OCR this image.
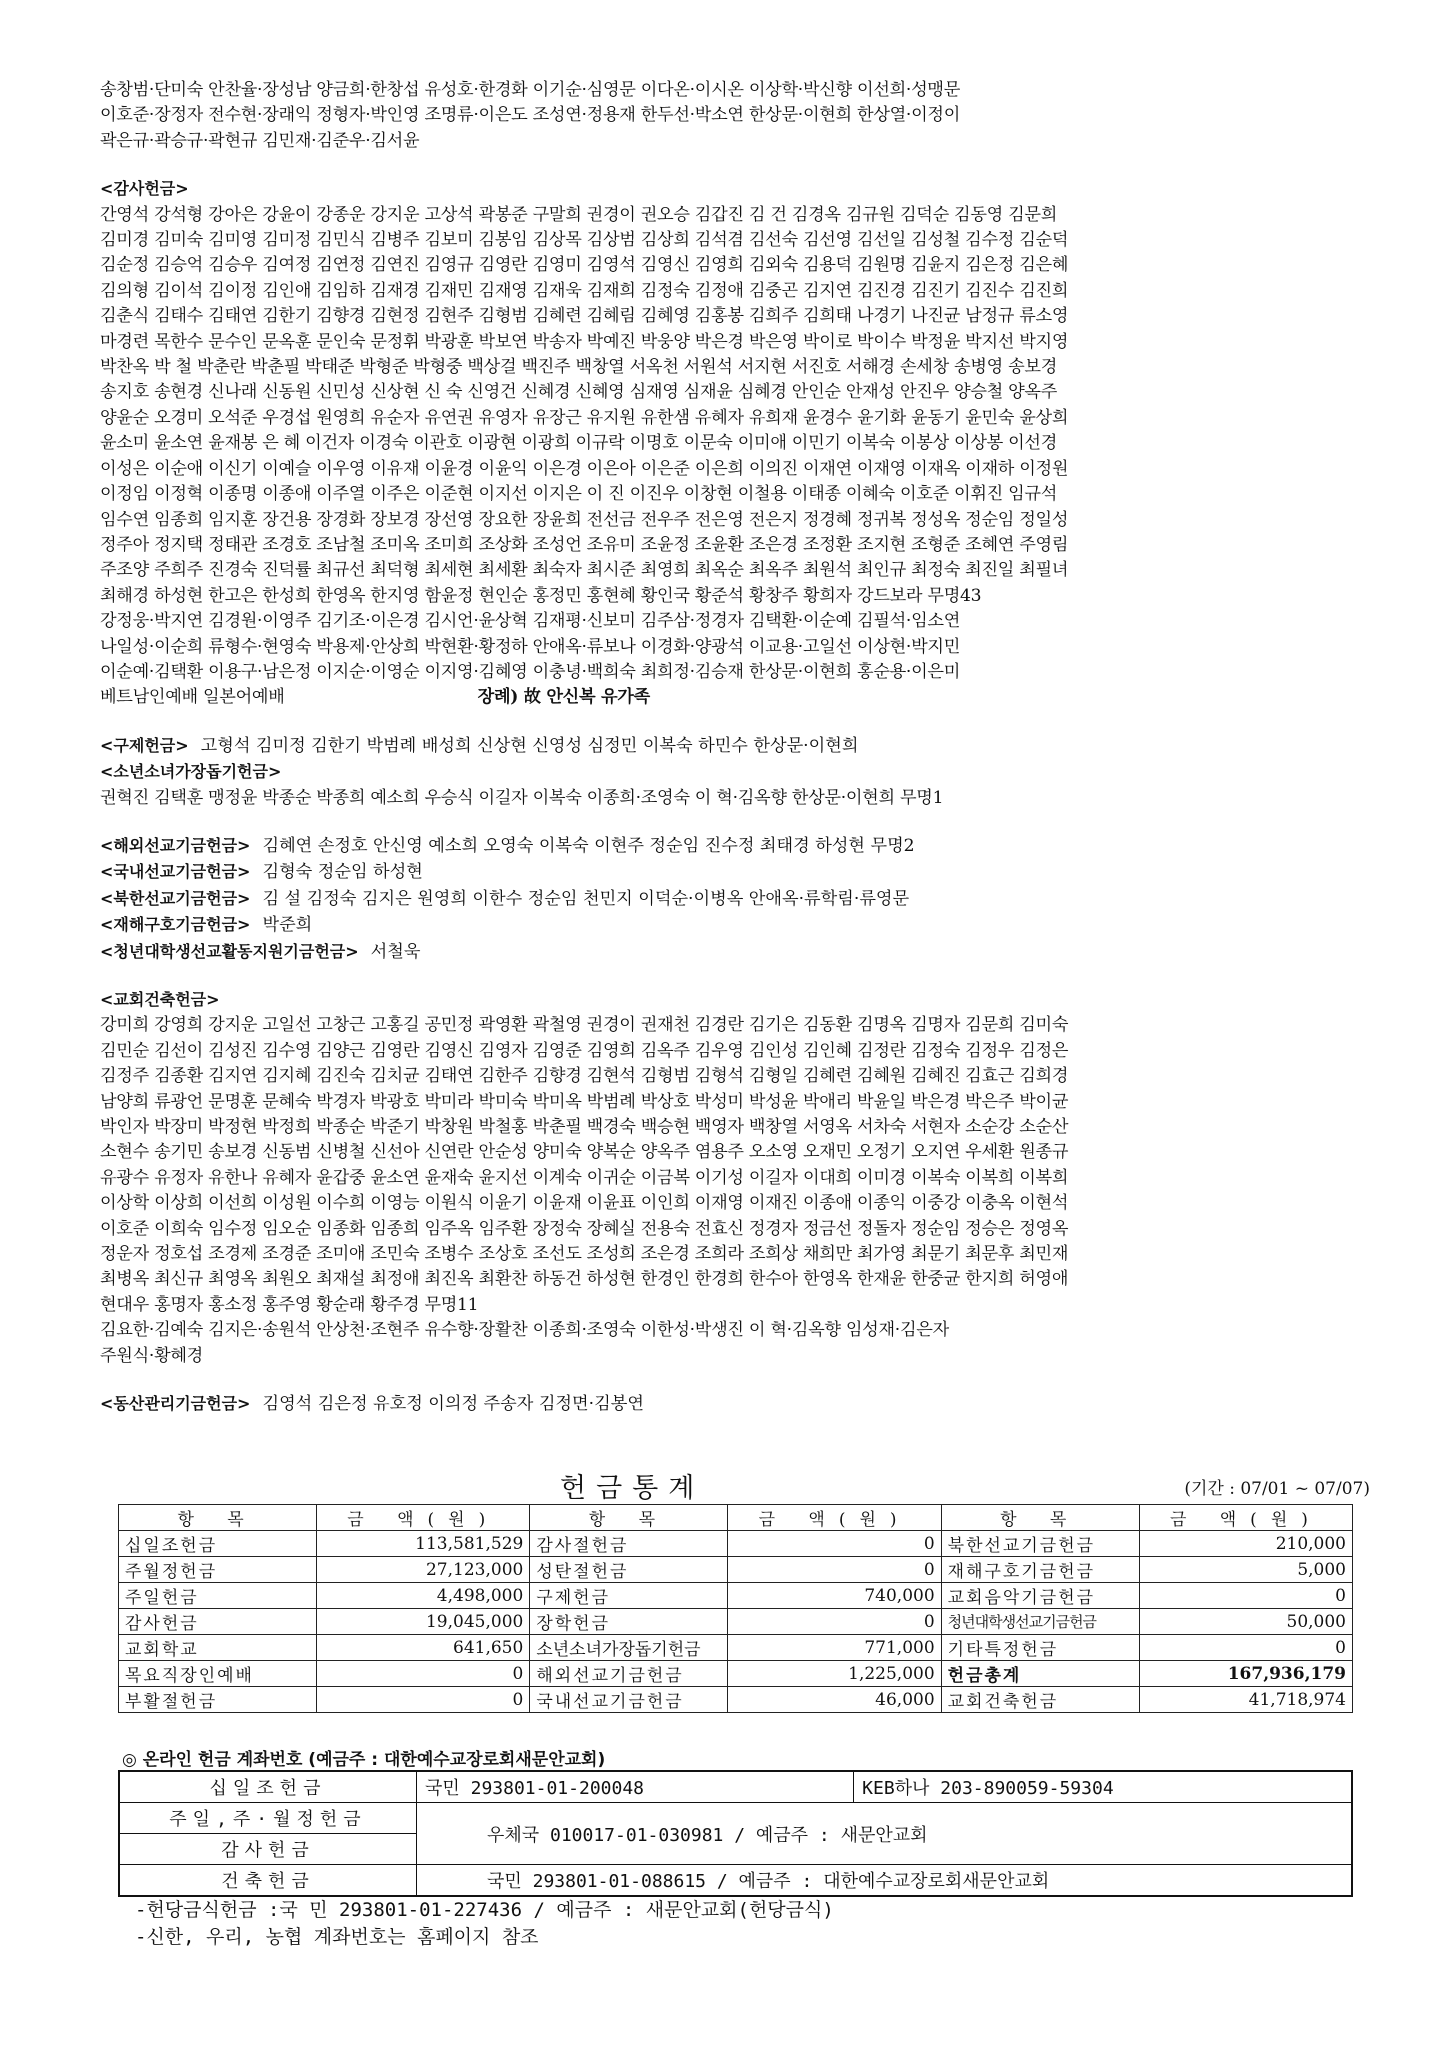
송창범·단미숙 안찬율·장성남 양금희·한창섭 유성호·한경화 이기순·심영문 이다온·이시온 이상학·박신향 이선희·성맹문
이호준·장정자 전수현·장래익 정형자·박인영 조명류·이은도 조성연·정용재 한두선·박소연 한상문·이현희 한상열·이정이
곽은규·곽승규·곽현규 김민재·김준우·김서윤
<감사헌금>
간영석 강석형 강아은 강윤이 강종운 강지운 고상석 곽봉준 구말희 권경이 권오승 김갑진 김 건 김경옥 김규원 김덕순 김동영 김문희
김미경 김미숙 김미영 김미정 김민식 김병주 김보미 김봉임 김상목 김상범 김상희 김석겸 김선숙 김선영 김선일 김성철 김수정 김순덕
김순정 김승억 김승우 김여정 김연정 김연진 김영규 김영란 김영미 김영석 김영신 김영희 김외숙 김용덕 김원명 김윤지 김은정 김은혜
김의형 김이석 김이정 김인애 김임하 김재경 김재민 김재영 김재욱 김재희 김정숙 김정애 김중곤 김지연 김진경 김진기 김진수 김진희
김춘식 김태수 김태연 김한기 김향경 김현정 김현주 김형범 김혜련 김혜림 김혜영 김홍봉 김희주 김희태 나경기 나진균 남정규 류소영
마경련 목한수 문수인 문옥훈 문인숙 문정휘 박광훈 박보연 박송자 박예진 박웅양 박은경 박은영 박이로 박이수 박정윤 박지선 박지영
박찬옥 박 철 박춘란 박춘필 박태준 박형준 박형중 백상걸 백진주 백창열 서옥천 서원석 서지현 서진호 서해경 손세창 송병영 송보경
송지호 송현경 신나래 신동원 신민성 신상현 신 숙 신영건 신혜경 신혜영 심재영 심재윤 심혜경 안인순 안재성 안진우 양승철 양옥주
양윤순 오경미 오석준 우경섭 원영희 유순자 유연권 유영자 유장근 유지원 유한샘 유혜자 유희재 윤경수 윤기화 윤동기 윤민숙 윤상희
윤소미 윤소연 윤재봉 은 혜 이건자 이경숙 이관호 이광현 이광희 이규락 이명호 이문숙 이미애 이민기 이복숙 이봉상 이상봉 이선경
이성은 이순애 이신기 이예슬 이우영 이유재 이윤경 이윤익 이은경 이은아 이은준 이은희 이의진 이재연 이재영 이재옥 이재하 이정원
이정임 이정혁 이종명 이종애 이주열 이주은 이준현 이지선 이지은 이 진 이진우 이창현 이철용 이태종 이혜숙 이호준 이휘진 임규석
임수연 임종희 임지훈 장건용 장경화 장보경 장선영 장요한 장윤희 전선금 전우주 전은영 전은지 정경혜 정귀복 정성옥 정순임 정일성
정주아 정지택 정태관 조경호 조남철 조미옥 조미희 조상화 조성언 조유미 조윤정 조윤환 조은경 조정환 조지현 조형준 조혜연 주영림
주조양 주희주 진경숙 진덕률 최규선 최덕형 최세현 최세환 최숙자 최시준 최영희 최옥순 최옥주 최원석 최인규 최정숙 최진일 최필녀
최해경 하성현 한고은 한성희 한영옥 한지영 함윤정 현인순 홍정민 홍현혜 황인국 황준석 황창주 황희자 강드보라 무명43
강정웅·박지연 김경원·이영주 김기조·이은경 김시언·윤상혁 김재평·신보미 김주삼·정경자 김택환·이순예 김필석·임소연
나일성·이순희 류형수·현영숙 박용제·안상희 박현환·황정하 안애옥·류보나 이경화·양광석 이교용·고일선 이상현·박지민
이순예·김택환 이용구·남은정 이지순·이영순 이지영·김혜영 이충녕·백희숙 최희정·김승재 한상문·이현희 홍순용·이은미
베트남인예배 일본어예배	장례) 故 안신복 유가족
<구제헌금> 고형석 김미정 김한기 박범례 배성희 신상현 신영성 심정민 이복숙 하민수 한상문·이현희
<소년소녀가장돕기헌금>
권혁진 김택훈 맹정윤 박종순 박종희 예소희 우승식 이길자 이복숙 이종희·조영숙 이 혁·김옥향 한상문·이현희 무명1
<해외선교기금헌금> 김혜연 손정호 안신영 예소희 오영숙 이복숙 이현주 정순임 진수정 최태경 하성현 무명2
<국내선교기금헌금> 김형숙 정순임 하성현
<북한선교기금헌금> 김 설 김정숙 김지은 원영희 이한수 정순임 천민지 이덕순·이병옥 안애옥·류학림·류영문
<재해구호기금헌금> 박준희
<청년대학생선교활동지원기금헌금> 서철욱
<교회건축헌금>
강미희 강영희 강지운 고일선 고창근 고홍길 공민정 곽영환 곽철영 권경이 권재천 김경란 김기은 김동환 김명옥 김명자 김문희 김미숙
김민순 김선이 김성진 김수영 김양근 김영란 김영신 김영자 김영준 김영희 김옥주 김우영 김인성 김인혜 김정란 김정숙 김정우 김정은
김정주 김종환 김지연 김지혜 김진숙 김치균 김태연 김한주 김향경 김현석 김형범 김형석 김형일 김혜련 김혜원 김혜진 김효근 김희경
남양희 류광언 문명훈 문혜숙 박경자 박광호 박미라 박미숙 박미옥 박범례 박상호 박성미 박성윤 박애리 박윤일 박은경 박은주 박이균
박인자 박장미 박정현 박정희 박종순 박준기 박창원 박철홍 박춘필 백경숙 백승현 백영자 백창열 서영옥 서차숙 서현자 소순강 소순산
소현수 송기민 송보경 신동범 신병철 신선아 신연란 안순성 양미숙 양복순 양옥주 염용주 오소영 오재민 오정기 오지연 우세환 원종규
유광수 유정자 유한나 유혜자 윤갑중 윤소연 윤재숙 윤지선 이계숙 이귀순 이금복 이기성 이길자 이대희 이미경 이복숙 이복희 이복희
이상학 이상희 이선희 이성원 이수희 이영능 이원식 이윤기 이윤재 이윤표 이인희 이재영 이재진 이종애 이종익 이중강 이충옥 이현석
이호준 이희숙 임수정 임오순 임종화 임종희 임주옥 임주환 장정숙 장혜실 전용숙 전효신 정경자 정금선 정돌자 정순임 정승은 정영옥
정운자 정호섭 조경제 조경준 조미애 조민숙 조병수 조상호 조선도 조성희 조은경 조희라 조희상 채희만 최가영 최문기 최문후 최민재
최병옥 최신규 최영옥 최원오 최재설 최정애 최진옥 최환찬 하동건 하성현 한경인 한경희 한수아 한영옥 한재윤 한중균 한지희 허영애
현대우 홍명자 홍소정 홍주영 황순래 황주경 무명11
김요한·김예숙 김지은·송원석 안상천·조현주 유수향·장활찬 이종희·조영숙 이한성·박생진 이 혁·김옥향 임성재·김은자
주원식·황혜경
<동산관리기금헌금> 김영석 김은정 유호정 이의정 주송자 김정면·김봉연
헌금통계	(기간 : 07/01 ~ 07/07)
항 목	금 액(원)	항 목	금 액(원)	항 목	금 액(원)
십일조헌금	113,581,529	감사절헌금	0	북한선교기금헌금	210,000
주월정헌금	27,123,000	성탄절헌금	0	재해구호기금헌금	5,000
주일헌금	4,498,000	구제헌금	740,000	교회음악기금헌금	0
감사헌금	19,045,000	장학헌금	0	청년대학생선교기금헌금	50,000
교회학교	641,650	소년소녀가장돕기헌금	771,000	기타특정헌금	0
목요직장인예배	0	해외선교기금헌금	1,225,000	헌금총계	167,936,179
부활절헌금	0	국내선교기금헌금	46,000	교회건축헌금	41,718,974
◎ 온라인 헌금 계좌번호 (예금주 : 대한예수교장로회새문안교회)
십일조헌금	국민 293801-01-200048	KEB하나 203-890059-59304
주일,주·월정헌금	우체국 010017-01-030981 / 예금주 : 새문안교회	
감사헌금		
건축헌금	국민 293801-01-088615 / 예금주 : 대한예수교장로회새문안교회	
-헌당금식헌금 :국 민 293801-01-227436 / 예금주 : 새문안교회(헌당금식)
-신한, 우리, 농협 계좌번호는 홈페이지 참조
